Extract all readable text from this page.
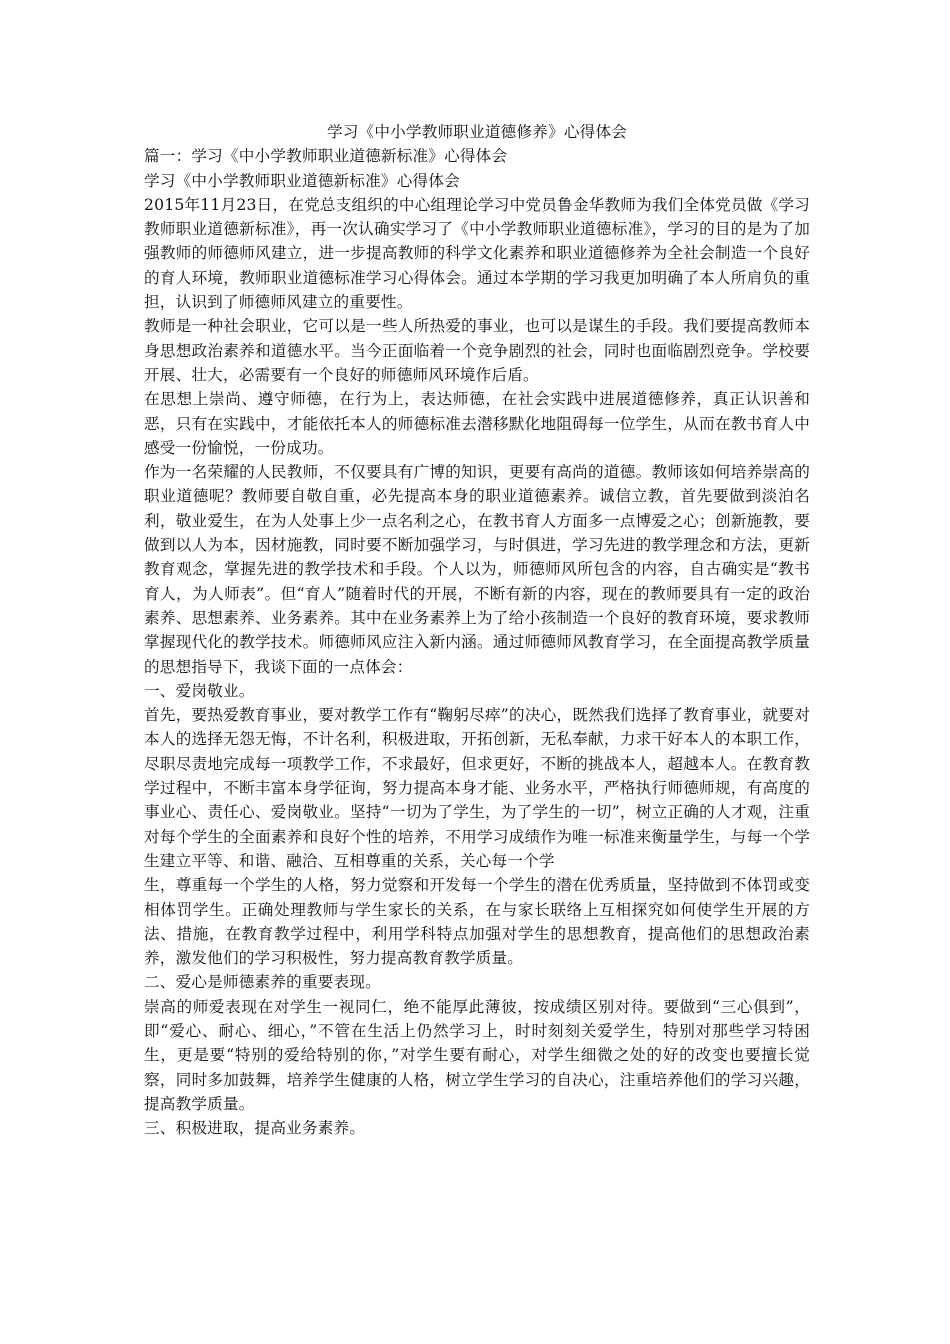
学习《中小学教师职业道德修养》心得体会

篇一：学习《中小学教师职业道德新标准》心得体会

学习《中小学教师职业道德新标准》心得体会

2015年11月23日，在党总支组织的中心组理论学习中党员鲁金华教师为我们全体党员做《学习教师职业道德新标准》，再一次认确实学习了《中小学教师职业道德标准》，学习的目的是为了加强教师的师德师风建立，进一步提高教师的科学文化素养和职业道德修养为全社会制造一个良好的育人环境，教师职业道德标准学习心得体会。通过本学期的学习我更加明确了本人所肩负的重担，认识到了师德师风建立的重要性。

教师是一种社会职业，它可以是一些人所热爱的事业，也可以是谋生的手段。我们要提高教师本身思想政治素养和道德水平。当今正面临着一个竞争剧烈的社会，同时也面临剧烈竞争。学校要开展、壮大，必需要有一个良好的师德师风环境作后盾。

在思想上崇尚、遵守师德，在行为上，表达师德，在社会实践中进展道德修养，真正认识善和恶，只有在实践中，才能依托本人的师德标准去潜移默化地阻碍每一位学生，从而在教书育人中感受一份愉悦，一份成功。

作为一名荣耀的人民教师，不仅要具有广博的知识，更要有高尚的道德。教师该如何培养崇高的职业道德呢？教师要自敬自重，必先提高本身的职业道德素养。诚信立教，首先要做到淡泊名利，敬业爱生，在为人处事上少一点名利之心，在教书育人方面多一点博爱之心；创新施教，要做到以人为本，因材施教，同时要不断加强学习，与时俱进，学习先进的教学理念和方法，更新教育观念，掌握先进的教学技术和手段。个人以为，师德师风所包含的内容，自古确实是“教书育人，为人师表”。但“育人”随着时代的开展，不断有新的内容，现在的教师要具有一定的政治素养、思想素养、业务素养。其中在业务素养上为了给小孩制造一个良好的教育环境，要求教师掌握现代化的教学技术。师德师风应注入新内涵。通过师德师风教育学习，在全面提高教学质量的思想指导下，我谈下面的一点体会：

一、爱岗敬业。

首先，要热爱教育事业，要对教学工作有“鞠躬尽瘁”的决心，既然我们选择了教育事业，就要对本人的选择无怨无悔，不计名利，积极进取，开拓创新，无私奉献，力求干好本人的本职工作，尽职尽责地完成每一项教学工作，不求最好，但求更好，不断的挑战本人，超越本人。在教育教学过程中，不断丰富本身学征询，努力提高本身才能、业务水平，严格执行师德师规，有高度的事业心、责任心、爱岗敬业。坚持“一切为了学生，为了学生的一切”，树立正确的人才观，注重对每个学生的全面素养和良好个性的培养，不用学习成绩作为唯一标准来衡量学生，与每一个学生建立平等、和谐、融洽、互相尊重的关系，关心每一个学

生，尊重每一个学生的人格，努力觉察和开发每一个学生的潜在优秀质量，坚持做到不体罚或变相体罚学生。正确处理教师与学生家长的关系，在与家长联络上互相探究如何使学生开展的方法、措施，在教育教学过程中，利用学科特点加强对学生的思想教育，提高他们的思想政治素养，激发他们的学习积极性，努力提高教育教学质量。

二、爱心是师德素养的重要表现。

崇高的师爱表现在对学生一视同仁，绝不能厚此薄彼，按成绩区别对待。要做到“三心俱到”，即“爱心、耐心、细心，”不管在生活上仍然学习上，时时刻刻关爱学生，特别对那些学习特困生，更是要“特别的爱给特别的你，”对学生要有耐心，对学生细微之处的好的改变也要擅长觉察，同时多加鼓舞，培养学生健康的人格，树立学生学习的自决心，注重培养他们的学习兴趣，提高教学质量。

三、积极进取，提高业务素养。
